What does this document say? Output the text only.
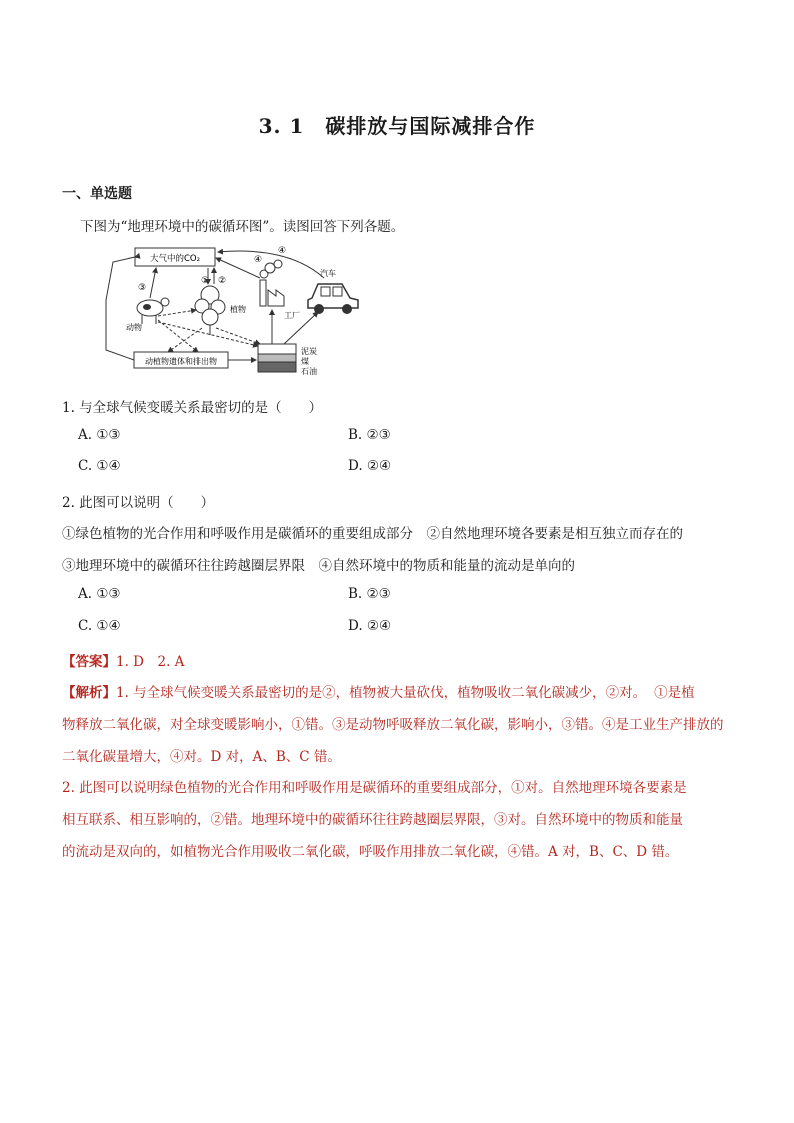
3. 1　碳排放与国际减排合作
一、单选题
下图为“地理环境中的碳循环图”。读图回答下列各题。
大气中的CO₂
动植物遗体和排出物
泥炭
煤
石油
动物
③
植物
① ②
工厂
④
汽车
④
1. 与全球气候变暖关系最密切的是（　　）
A. ①③	B. ②③
C. ①④	D. ②④
2. 此图可以说明（　　）
①绿色植物的光合作用和呼吸作用是碳循环的重要组成部分　②自然地理环境各要素是相互独立而存在的
③地理环境中的碳循环往往跨越圈层界限　④自然环境中的物质和能量的流动是单向的
A. ①③	B. ②③
C. ①④	D. ②④
【答案】1. D　2. A
【解析】1. 与全球气候变暖关系最密切的是②，植物被大量砍伐，植物吸收二氧化碳减少，②对。 ①是植
物释放二氧化碳，对全球变暖影响小，①错。③是动物呼吸释放二氧化碳，影响小，③错。④是工业生产排放的
二氧化碳量增大，④对。D 对，A、B、C 错。
2. 此图可以说明绿色植物的光合作用和呼吸作用是碳循环的重要组成部分，①对。自然地理环境各要素是
相互联系、相互影响的，②错。地理环境中的碳循环往往跨越圈层界限，③对。自然环境中的物质和能量
的流动是双向的，如植物光合作用吸收二氧化碳，呼吸作用排放二氧化碳，④错。A 对，B、C、D 错。
